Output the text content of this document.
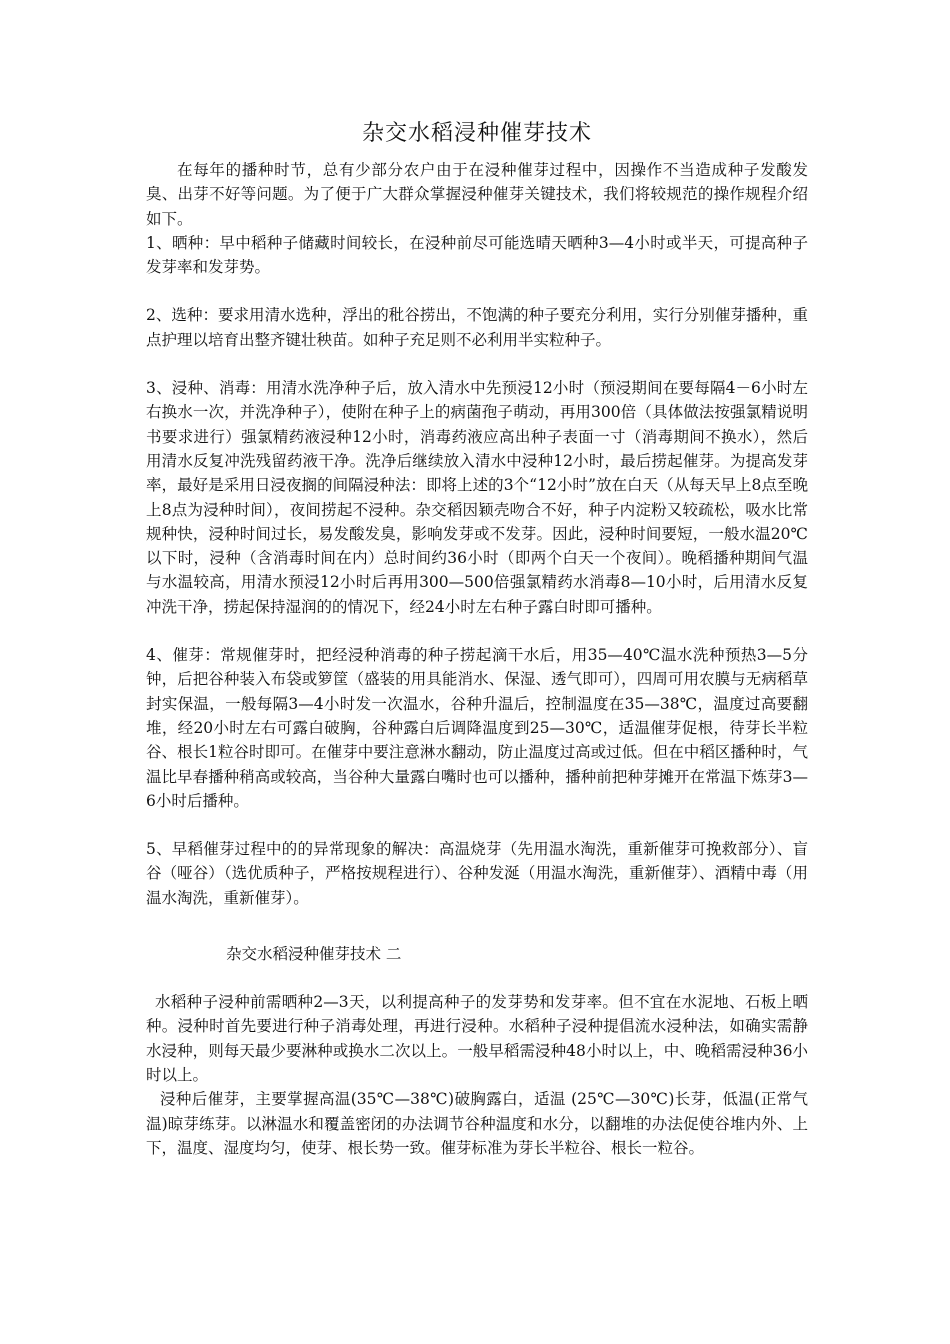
杂交水稻浸种催芽技术

在每年的播种时节，总有少部分农户由于在浸种催芽过程中，因操作不当造成种子发酸发臭、出芽不好等问题。为了便于广大群众掌握浸种催芽关键技术，我们将较规范的操作规程介绍如下。

1、晒种：早中稻种子储藏时间较长，在浸种前尽可能选晴天晒种3—4小时或半天，可提高种子发芽率和发芽势。

2、选种：要求用清水选种，浮出的秕谷捞出，不饱满的种子要充分利用，实行分别催芽播种，重点护理以培育出整齐键壮秧苗。如种子充足则不必利用半实粒种子。

3、浸种、消毒：用清水洗净种子后，放入清水中先预浸12小时（预浸期间在要每隔4－6小时左右换水一次，并洗净种子），使附在种子上的病菌孢子萌动，再用300倍（具体做法按强氯精说明书要求进行）强氯精药液浸种12小时，消毒药液应高出种子表面一寸（消毒期间不换水），然后用清水反复冲洗残留药液干净。洗净后继续放入清水中浸种12小时，最后捞起催芽。为提高发芽率，最好是采用日浸夜搁的间隔浸种法：即将上述的3个“12小时”放在白天（从每天早上8点至晚上8点为浸种时间），夜间捞起不浸种。杂交稻因颖壳吻合不好，种子内淀粉又较疏松，吸水比常规种快，浸种时间过长，易发酸发臭，影响发芽或不发芽。因此，浸种时间要短，一般水温20℃以下时，浸种（含消毒时间在内）总时间约36小时（即两个白天一个夜间）。晚稻播种期间气温与水温较高，用清水预浸12小时后再用300—500倍强氯精药水消毒8—10小时，后用清水反复冲洗干净，捞起保持湿润的的情况下，经24小时左右种子露白时即可播种。

4、催芽：常规催芽时，把经浸种消毒的种子捞起滴干水后，用35—40℃温水洗种预热3—5分钟，后把谷种装入布袋或箩筐（盛装的用具能消水、保湿、透气即可），四周可用农膜与无病稻草封实保温，一般每隔3—4小时发一次温水，谷种升温后，控制温度在35—38℃，温度过高要翻堆，经20小时左右可露白破胸，谷种露白后调降温度到25—30℃，适温催芽促根，待芽长半粒谷、根长1粒谷时即可。在催芽中要注意淋水翻动，防止温度过高或过低。但在中稻区播种时，气温比早春播种稍高或较高，当谷种大量露白嘴时也可以播种，播种前把种芽摊开在常温下炼芽3—6小时后播种。

5、早稻催芽过程中的的异常现象的解决：高温烧芽（先用温水淘洗，重新催芽可挽救部分）、盲谷（哑谷）（选优质种子，严格按规程进行）、谷种发涎（用温水淘洗，重新催芽）、酒精中毒（用温水淘洗，重新催芽）。

杂交水稻浸种催芽技术 二

水稻种子浸种前需晒种2—3天，以利提高种子的发芽势和发芽率。但不宜在水泥地、石板上晒种。浸种时首先要进行种子消毒处理，再进行浸种。水稻种子浸种提倡流水浸种法，如确实需静水浸种，则每天最少要淋种或换水二次以上。一般早稻需浸种48小时以上，中、晚稻需浸种36小时以上。

浸种后催芽，主要掌握高温(35℃—38℃)破胸露白，适温 (25℃—30℃)长芽，低温(正常气温)晾芽练芽。以淋温水和覆盖密闭的办法调节谷种温度和水分，以翻堆的办法促使谷堆内外、上下，温度、湿度均匀，使芽、根长势一致。催芽标准为芽长半粒谷、根长一粒谷。
